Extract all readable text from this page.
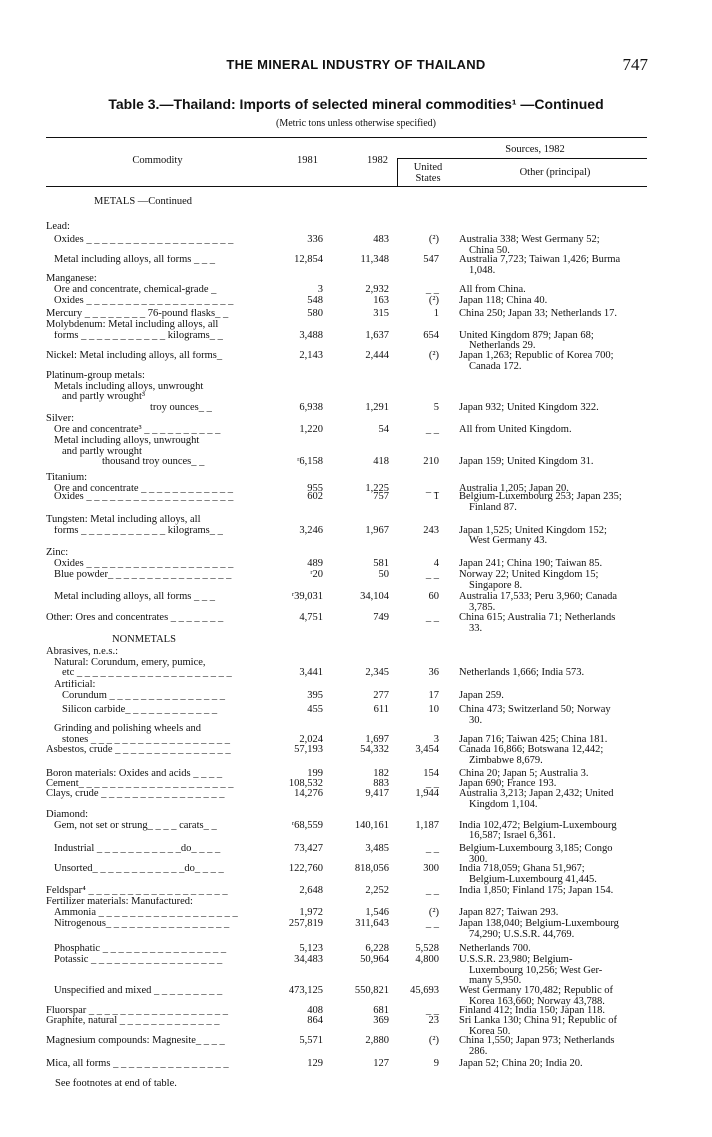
THE MINERAL INDUSTRY OF THAILAND	747
Table 3.—Thailand: Imports of selected mineral commodities¹ —Continued
(Metric tons unless otherwise specified)
Commodity	1981	1982
Sources, 1982
United
States
Other (principal)
METALS —Continued
Lead:
Oxides _ _ _ _ _ _ _ _ _ _ _ _ _ _ _ _ _ _ _	336	483	(²) Australia 338; West Germany 52;
China 50.
Metal including alloys, all forms _ _ _	12,854	11,348	547 Australia 7,723; Taiwan 1,426; Burma
1,048.
Manganese:
Ore and concentrate, chemical-grade _	3	2,932	_ _ All from China.
Oxides _ _ _ _ _ _ _ _ _ _ _ _ _ _ _ _ _ _ _	548	163	(²) Japan 118; China 40.
Mercury _ _ _ _ _ _ _ _ 76-pound flasks_ _	580	315	1 China 250; Japan 33; Netherlands 17.
Molybdenum: Metal including alloys, all
forms _ _ _ _ _ _ _ _ _ _ _ kilograms_ _	3,488	1,637	654 United Kingdom 879; Japan 68;
Netherlands 29.
Nickel: Metal including alloys, all forms_	2,143	2,444	(²) Japan 1,263; Republic of Korea 700;
Canada 172.
Platinum-group metals:
Metals including alloys, unwrought
and partly wrought³
troy ounces_ _	6,938	1,291	5 Japan 932; United Kingdom 322.
Silver:
Ore and concentrate³ _ _ _ _ _ _ _ _ _ _	1,220	54	_ _ All from United Kingdom.
Metal including alloys, unwrought
and partly wrought
thousand troy ounces_ _	ʳ6,158	418	210 Japan 159; United Kingdom 31.
Titanium:
Ore and concentrate _ _ _ _ _ _ _ _ _ _ _ _	955	1,225	_ _ Australia 1,205; Japan 20.
Oxides _ _ _ _ _ _ _ _ _ _ _ _ _ _ _ _ _ _ _	602	757	1 Belgium-Luxembourg 253; Japan 235;
Finland 87.
Tungsten: Metal including alloys, all
forms _ _ _ _ _ _ _ _ _ _ _ kilograms_ _	3,246	1,967	243 Japan 1,525; United Kingdom 152;
West Germany 43.
Zinc:
Oxides _ _ _ _ _ _ _ _ _ _ _ _ _ _ _ _ _ _ _	489	581	4 Japan 241; China 190; Taiwan 85.
Blue powder_ _ _ _ _ _ _ _ _ _ _ _ _ _ _ _	ʳ20	50	_ _ Norway 22; United Kingdom 15;
Singapore 8.
Metal including alloys, all forms _ _ _	ʳ39,031	34,104	60 Australia 17,533; Peru 3,960; Canada
3,785.
Other: Ores and concentrates _ _ _ _ _ _ _	4,751	749	_ _ China 615; Australia 71; Netherlands
33.
NONMETALS
Abrasives, n.e.s.:
Natural: Corundum, emery, pumice,
etc _ _ _ _ _ _ _ _ _ _ _ _ _ _ _ _ _ _ _ _	3,441	2,345	36 Netherlands 1,666; India 573.
Artificial:
Corundum _ _ _ _ _ _ _ _ _ _ _ _ _ _ _	395	277	17 Japan 259.
Silicon carbide_ _ _ _ _ _ _ _ _ _ _ _	455	611	10 China 473; Switzerland 50; Norway
30.
Grinding and polishing wheels and
stones _ _ _ _ _ _ _ _ _ _ _ _ _ _ _ _ _ _	2,024	1,697	3 Japan 716; Taiwan 425; China 181.
Asbestos, crude _ _ _ _ _ _ _ _ _ _ _ _ _ _ _	57,193	54,332	3,454 Canada 16,866; Botswana 12,442;
Zimbabwe 8,679.
Boron materials: Oxides and acids _ _ _ _	199	182	154 China 20; Japan 5; Australia 3.
Cement_ _ _ _ _ _ _ _ _ _ _ _ _ _ _ _ _ _ _ _	108,532	883	_ _ Japan 690; France 193.
Clays, crude _ _ _ _ _ _ _ _ _ _ _ _ _ _ _ _	14,276	9,417	1,944 Australia 3,213; Japan 2,432; United
Kingdom 1,104.
Diamond:
Gem, not set or strung_ _ _ _ carats_ _	ʳ68,559	140,161	1,187 India 102,472; Belgium-Luxembourg
16,587; Israel 6,361.
Industrial _ _ _ _ _ _ _ _ _ _ _do_ _ _ _	73,427	3,485	_ _ Belgium-Luxembourg 3,185; Congo
300.
Unsorted_ _ _ _ _ _ _ _ _ _ _ _do_ _ _ _	122,760	818,056	300 India 718,059; Ghana 51,967;
Belgium-Luxembourg 41,445.
Feldspar⁴ _ _ _ _ _ _ _ _ _ _ _ _ _ _ _ _ _ _	2,648	2,252	_ _ India 1,850; Finland 175; Japan 154.
Fertilizer materials: Manufactured:
Ammonia _ _ _ _ _ _ _ _ _ _ _ _ _ _ _ _ _ _	1,972	1,546	(²) Japan 827; Taiwan 293.
Nitrogenous_ _ _ _ _ _ _ _ _ _ _ _ _ _ _ _	257,819	311,643	_ _ Japan 138,040; Belgium-Luxembourg
74,290; U.S.S.R. 44,769.
Phosphatic _ _ _ _ _ _ _ _ _ _ _ _ _ _ _ _	5,123	6,228	5,528 Netherlands 700.
Potassic _ _ _ _ _ _ _ _ _ _ _ _ _ _ _ _ _	34,483	50,964	4,800 U.S.S.R. 23,980; Belgium-
Luxembourg 10,256; West Ger-
many 5,950.
Unspecified and mixed _ _ _ _ _ _ _ _ _	473,125	550,821	45,693 West Germany 170,482; Republic of
Korea 163,660; Norway 43,788.
Fluorspar _ _ _ _ _ _ _ _ _ _ _ _ _ _ _ _ _ _	408	681	_ _ Finland 412; India 150; Japan 118.
Graphite, natural _ _ _ _ _ _ _ _ _ _ _ _ _	864	369	23 Sri Lanka 130; China 91; Republic of
Korea 50.
Magnesium compounds: Magnesite_ _ _ _	5,571	2,880	(²) China 1,550; Japan 973; Netherlands
286.
Mica, all forms _ _ _ _ _ _ _ _ _ _ _ _ _ _ _	129	127	9 Japan 52; China 20; India 20.
See footnotes at end of table.
